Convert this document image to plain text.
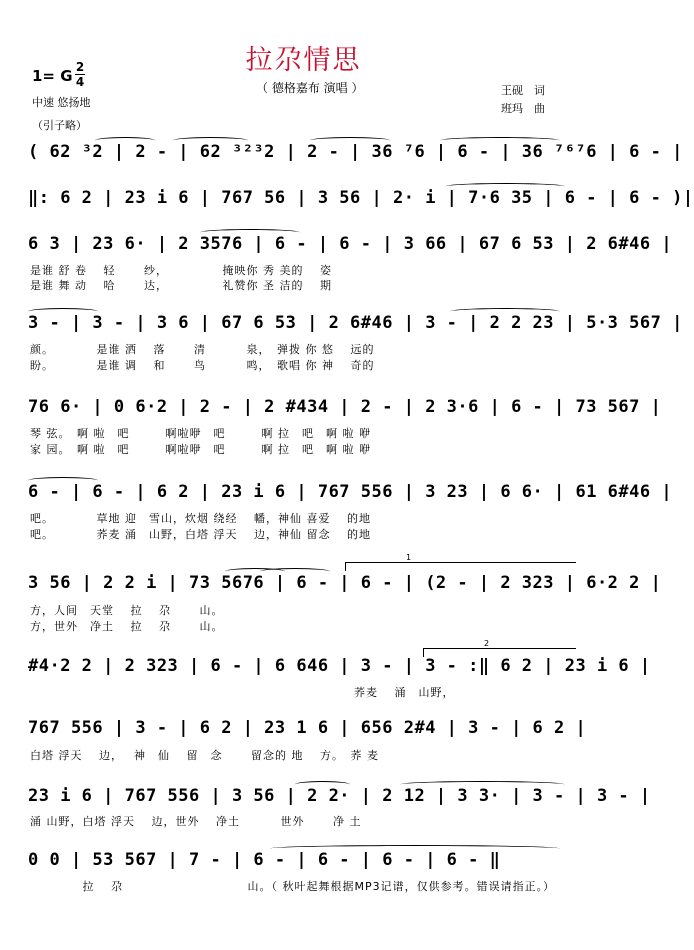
拉尕情思
（ 德格嘉布 演唱 ）
1= G 2
4
中速 悠扬地
王砚　词
班玛　曲
（引子略）
( 62 ³2 | 2 - | 62 ³²³2 | 2 - | 36 ⁷6 | 6 - | 36 ⁷⁶⁷6 | 6 - |
‖: 6 2 | 23 i 6 | 767 56 | 3 56 | 2· i | 7·6 35 | 6 - | 6 - )|
6 3 | 23 6· | 2 3576 | 6 - | 6 - | 3 66 | 67 6 53 | 2 6#46 |
是谁 舒 卷　 轻　　 纱，　　　　　掩映你 秀 美的　 姿
是谁 舞 动　 哈　　 达，　　　　　礼赞你 圣 洁的　 期
3 - | 3 - | 3 6 | 67 6 53 | 2 6#46 | 3 - | 2 2 23 | 5·3 567 |
颜。　　　　是谁 洒　 落　　 清　　　 泉，　弹拨 你 悠　 远的
盼。　　　　是谁 调　 和　　 鸟　　　 鸣，　歌唱 你 神　 奇的
76 6· | 0 6·2 | 2 - | 2 #434 | 2 - | 2 3·6 | 6 - | 73 567 |
琴 弦。　啊 啦　吧　　　啊啦咿　吧　　　啊 拉　吧　啊 啦 咿
家 园。　啊 啦　吧　　　啊啦咿　吧　　　啊 拉　吧　啊 啦 咿
6 - | 6 - | 6 2 | 23 i 6 | 767 556 | 3 23 | 6 6· | 61 6#46 |
吧。　　　　草地 迎　雪山，炊烟 绕经　 幡，神仙 喜爱　 的地
吧。　　　　荞麦 涌　山野，白塔 浮天　 边，神仙 留念　 的地
1
3 56 | 2 2 i | 73 5676 | 6 - | 6 - | (2 - | 2 323 | 6·2 2 |
方，人间　天堂　 拉　 尕　　 山。
方，世外　净土　 拉　 尕　　 山。
2
#4·2 2 | 2 323 | 6 - | 6 646 | 3 - | 3 - :‖ 6 2 | 23 i 6 |
　　　　　　　　　　　　　　　　　　　　　　　　　　　荞麦　 涌　山野，
767 556 | 3 - | 6 2 | 23 1 6 | 656 2#4 | 3 - | 6 2 |
白塔 浮天　 边，　 神　仙　 留　念　　 留念的 地　 方。　荞 麦
23 i 6 | 767 556 | 3 56 | 2 2· | 2 12 | 3 3· | 3 - | 3 - |
涌 山野，白塔 浮天　 边，世外　 净土　　　 世外　　 净 土
0 0 | 53 567 | 7 - | 6 - | 6 - | 6 - | 6 - ‖
　　　　 拉　 尕　　　　　　　　　　 山。（ 秋叶起舞根据MP3记谱，仅供参考。错误请指正。）
